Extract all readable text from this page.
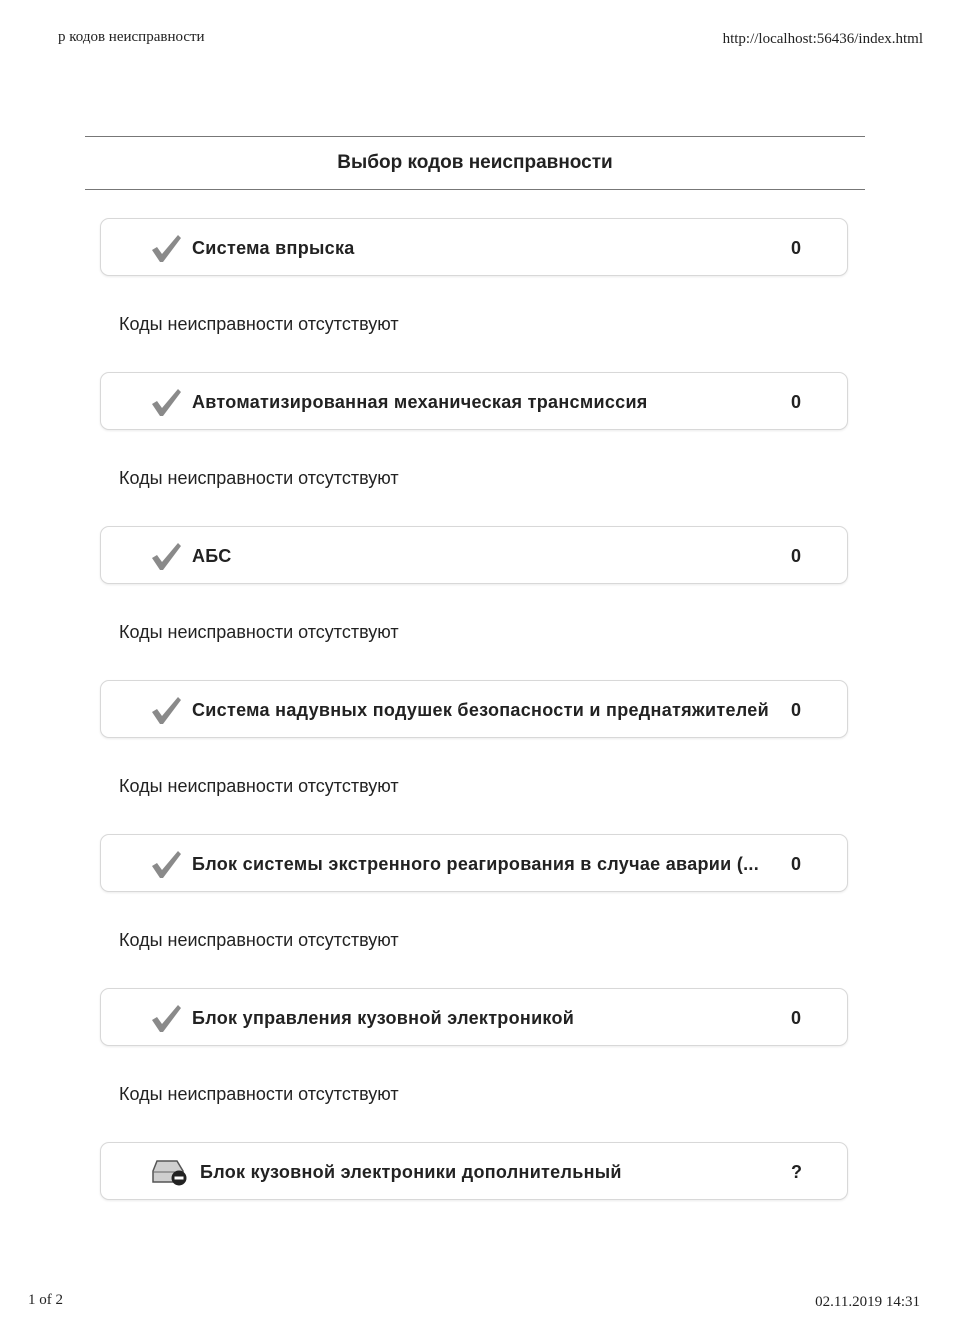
р кодов неисправности	http://localhost:56436/index.html
Выбор кодов неисправности
Система впрыска	0
Коды неисправности отсутствуют
Автоматизированная механическая трансмиссия	0
Коды неисправности отсутствуют
АБС	0
Коды неисправности отсутствуют
Система надувных подушек безопасности и преднатяжителей 0
Коды неисправности отсутствуют
Блок системы экстренного реагирования в случае аварии (... 0
Коды неисправности отсутствуют
Блок управления кузовной электроникой	0
Коды неисправности отсутствуют
Блок кузовной электроники дополнительный	?
1 of 2	02.11.2019 14:31
